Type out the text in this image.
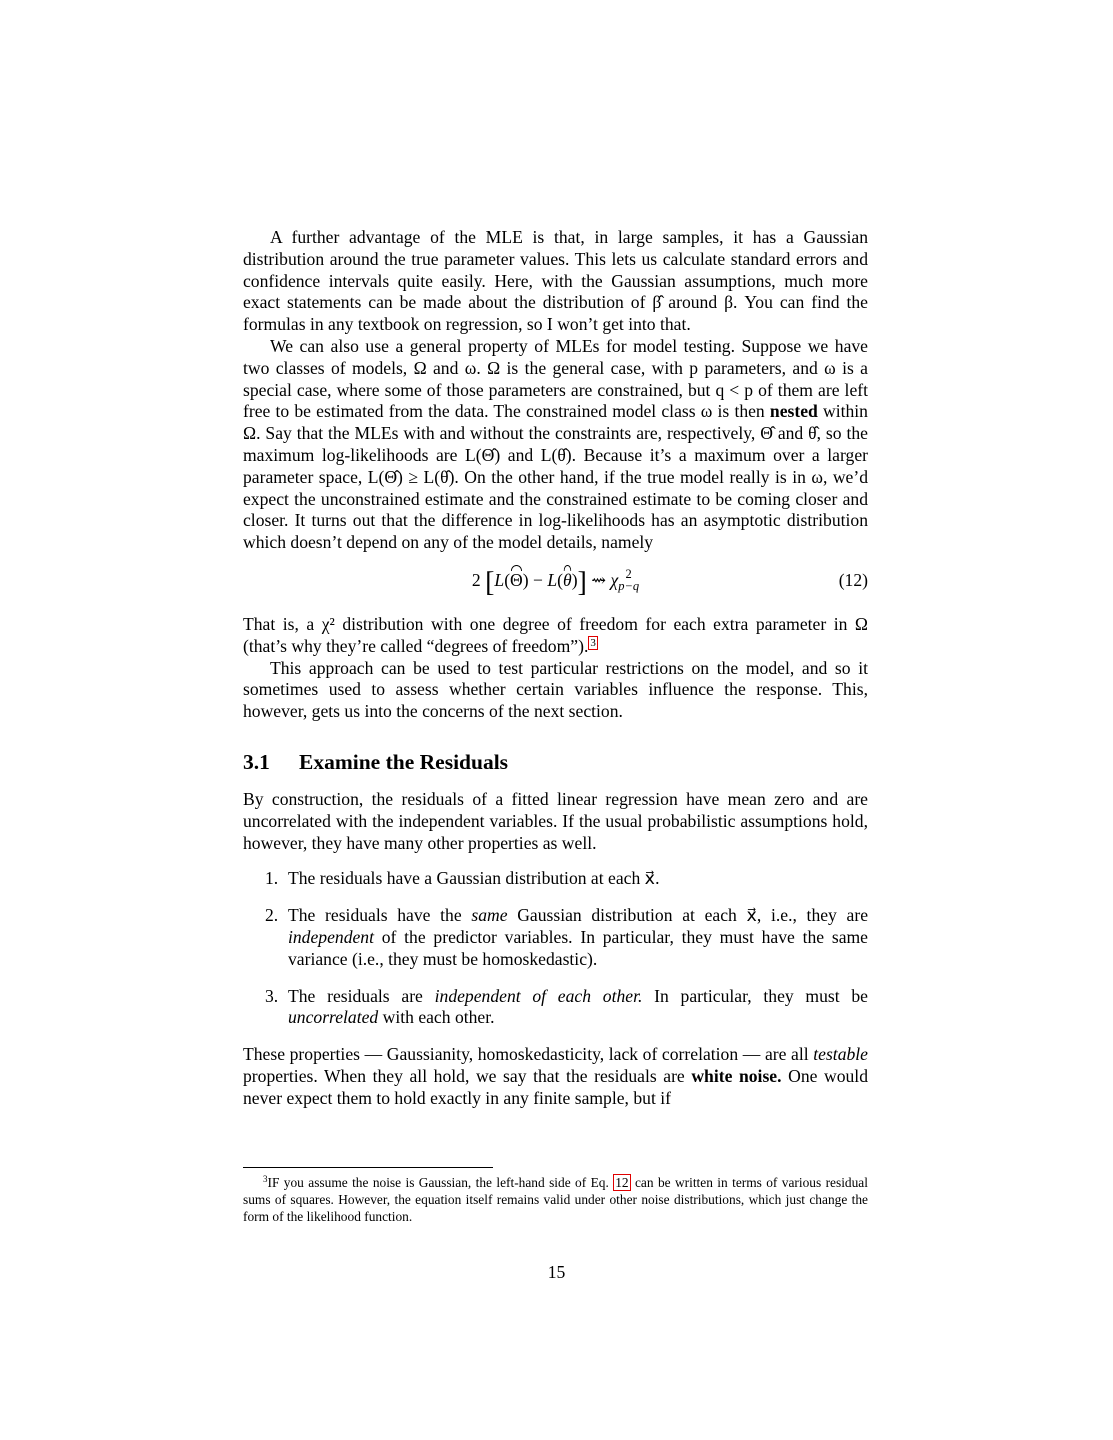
A further advantage of the MLE is that, in large samples, it has a Gaussian distribution around the true parameter values. This lets us calculate standard errors and confidence intervals quite easily. Here, with the Gaussian assumptions, much more exact statements can be made about the distribution of β̂ around β. You can find the formulas in any textbook on regression, so I won’t get into that.

We can also use a general property of MLEs for model testing. Suppose we have two classes of models, Ω and ω. Ω is the general case, with p parameters, and ω is a special case, where some of those parameters are constrained, but q < p of them are left free to be estimated from the data. The constrained model class ω is then nested within Ω. Say that the MLEs with and without the constraints are, respectively, Θ̂ and θ̂, so the maximum log-likelihoods are L(Θ̂) and L(θ̂). Because it’s a maximum over a larger parameter space, L(Θ̂) ≥ L(θ̂). On the other hand, if the true model really is in ω, we’d expect the unconstrained estimate and the constrained estimate to be coming closer and closer. It turns out that the difference in log-likelihoods has an asymptotic distribution which doesn’t depend on any of the model details, namely

2 [L(Θ) − L(θ)] ⇝ χ 2
p−q	(12)

That is, a χ² distribution with one degree of freedom for each extra parameter in Ω (that’s why they’re called “degrees of freedom”). $^3$

This approach can be used to test particular restrictions on the model, and so it sometimes used to assess whether certain variables influence the response. This, however, gets us into the concerns of the next section.

3.1 Examine the Residuals

By construction, the residuals of a fitted linear regression have mean zero and are uncorrelated with the independent variables. If the usual probabilistic assumptions hold, however, they have many other properties as well.

1. The residuals have a Gaussian distribution at each x⃗.
2. The residuals have the same Gaussian distribution at each x⃗, i.e., they are independent of the predictor variables. In particular, they must have the same variance (i.e., they must be homoskedastic).
3. The residuals are independent of each other. In particular, they must be uncorrelated with each other.

These properties — Gaussianity, homoskedasticity, lack of correlation — are all testable properties. When they all hold, we say that the residuals are white noise. One would never expect them to hold exactly in any finite sample, but if

$^3$IF you assume the noise is Gaussian, the left-hand side of Eq. 12 can be written in terms of various residual sums of squares. However, the equation itself remains valid under other noise distributions, which just change the form of the likelihood function.
15
